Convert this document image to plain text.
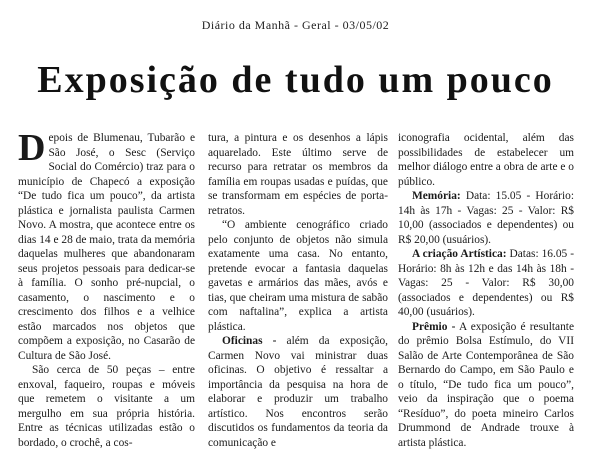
Diário da Manhã - Geral - 03/05/02
Exposição de tudo um pouco

Depois de Blumenau, Tubarão e São José, o Sesc (Serviço Social do Comércio) traz para o município de Chapecó a exposição “De tudo fica um pouco”, da artista plástica e jornalista paulista Carmen Novo. A mostra, que acontece entre os dias 14 e 28 de maio, trata da memória daquelas mulheres que abandonaram seus projetos pessoais para dedicar-se à família. O sonho pré-nupcial, o casamento, o nascimento e o crescimento dos filhos e a velhice estão marcados nos objetos que compõem a exposição, no Casarão de Cultura de São José.

São cerca de 50 peças – entre enxoval, faqueiro, roupas e móveis que remetem o visitante a um mergulho em sua própria história. Entre as técnicas utilizadas estão o bordado, o crochê, a cos-

tura, a pintura e os desenhos a lápis aquarelado. Este último serve de recurso para retratar os membros da família em roupas usadas e puídas, que se transformam em espécies de porta-retratos.

“O ambiente cenográfico criado pelo conjunto de objetos não simula exatamente uma casa. No entanto, pretende evocar a fantasia daquelas gavetas e armários das mães, avós e tias, que cheiram uma mistura de sabão com naftalina”, explica a artista plástica.

Oficinas - além da exposição, Carmen Novo vai ministrar duas oficinas. O objetivo é ressaltar a importância da pesquisa na hora de elaborar e produzir um trabalho artístico. Nos encontros serão discutidos os fundamentos da teoria da comunicação e

iconografia ocidental, além das possibilidades de estabelecer um melhor diálogo entre a obra de arte e o público.

Memória: Data: 15.05 - Horário: 14h às 17h - Vagas: 25 - Valor: R$ 10,00 (associados e dependentes) ou R$ 20,00 (usuários).

A criação Artística: Datas: 16.05 - Horário: 8h às 12h e das 14h às 18h - Vagas: 25 - Valor: R$ 30,00 (associados e dependentes) ou R$ 40,00 (usuários).

Prêmio - A exposição é resultante do prêmio Bolsa Estímulo, do VII Salão de Arte Contemporânea de São Bernardo do Campo, em São Paulo e o título, “De tudo fica um pouco”, veio da inspiração que o poema “Resíduo”, do poeta mineiro Carlos Drummond de Andrade trouxe à artista plástica.
